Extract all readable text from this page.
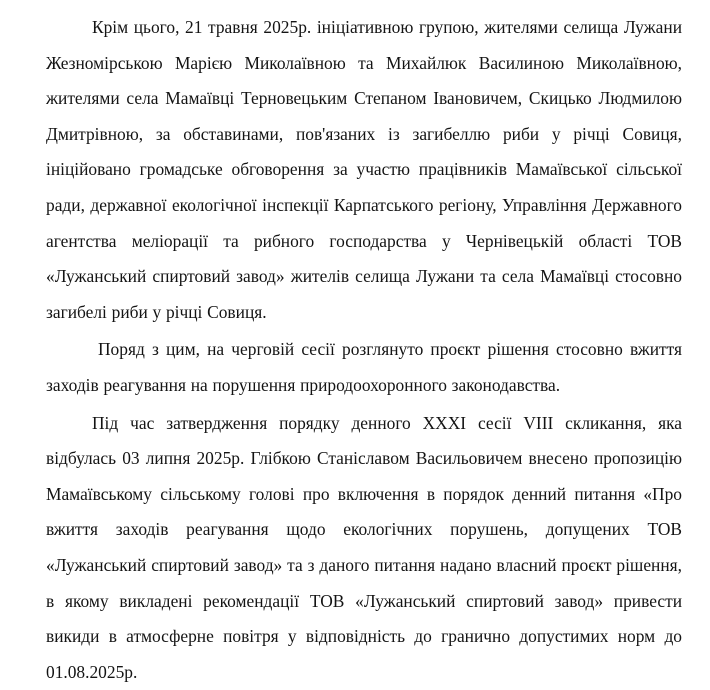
Крім цього, 21 травня 2025р. ініціативною групою, жителями селища Лужани Жезномірською Марією Миколаївною та Михайлюк Василиною Миколаївною, жителями села Мамаївці Терновецьким Степаном Івановичем, Скицько Людмилою Дмитрівною, за обставинами, пов'язаних із загибеллю риби у річці Совиця, ініційовано громадське обговорення за участю працівників Мамаївської сільської ради, державної екологічної інспекції Карпатського регіону, Управління Державного агентства меліорації та рибного господарства у Чернівецькій області ТОВ «Лужанський спиртовий завод» жителів селища Лужани та села Мамаївці стосовно загибелі риби у річці Совиця.

Поряд з цим, на черговій сесії розглянуто проєкт рішення стосовно вжиття заходів реагування на порушення природоохоронного законодавства.

Під час затвердження порядку денного XXXI сесії VIII скликання, яка відбулась 03 липня 2025р. Глібкою Станіславом Васильовичем внесено пропозицію Мамаївському сільському голові про включення в порядок денний питання «Про вжиття заходів реагування щодо екологічних порушень, допущених ТОВ «Лужанський спиртовий завод» та з даного питання надано власний проєкт рішення, в якому викладені рекомендації ТОВ «Лужанський спиртовий завод» привести викиди в атмосферне повітря у відповідність до гранично допустимих норм до 01.08.2025р.
